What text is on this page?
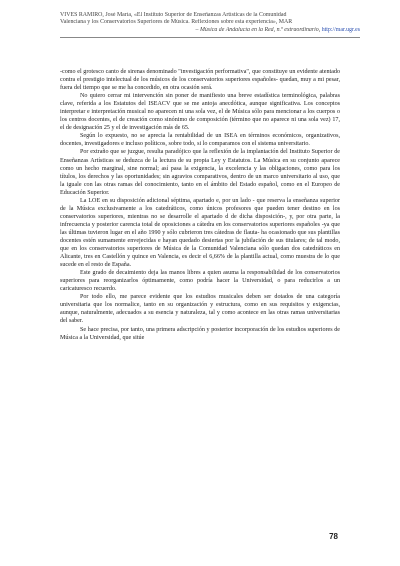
VIVES RAMIRO, José María, «El Instituto Superior de Enseñanzas Artísticas de la Comunidad
Valenciana y los Conservatorios Superiores de Música. Reflexiones sobre esta experiencia», MAR
– Música de Andalucía en la Red, n.º extraordinario, http://mar.ugr.es

-como el grotesco canto de sirenas denominado "investigación performativa", que constituye un evidente atentado contra el prestigio intelectual de los músicos de los conservatorios superiores españoles- quedan, muy a mi pesar, fuera del tiempo que se me ha concedido, en otra ocasión será.

No quiero cerrar mi intervención sin poner de manifiesto una breve estadística terminológica, palabras clave, referida a los Estatutos del ISEACV que se me antoja anecdótica, aunque significativa. Los conceptos interpretar e interpretación musical no aparecen ni una sola vez, el de Música sólo para mencionar a los cuerpos o los centros docentes, el de creación como sinónimo de composición (término que no aparece ni una sola vez) 17, el de designación 25 y el de investigación más de 65.

Según lo expuesto, no se aprecia la rentabilidad de un ISEA en términos económicos, organizativos, docentes, investigadores e incluso políticos, sobre todo, si lo comparamos con el sistema universitario.

Por extraño que se juzgue, resulta paradójico que la reflexión de la implantación del Instituto Superior de Enseñanzas Artísticas se deduzca de la lectura de su propia Ley y Estatutos. La Música en su conjunto aparece como un hecho marginal, sine normal; así pasa la exigencia, la excelencia y las obligaciones, como para los títulos, los derechos y las oportunidades; sin agravios comparativos, dentro de un marco universitario al uso, que la iguale con las otras ramas del conocimiento, tanto en el ámbito del Estado español, como en el Europeo de Educación Superior.

La LOE en su disposición adicional séptima, apartado e, por un lado - que reserva la enseñanza superior de la Música exclusivamente a los catedráticos, como únicos profesores que pueden tener destino en los conservatorios superiores, mientras no se desarrolle el apartado d de dicha disposición-, y, por otra parte, la infrecuencia y posterior carencia total de oposiciones a cátedra en los conservatorios superiores españoles -ya que las últimas tuvieron lugar en el año 1990 y sólo cubrieron tres cátedras de flauta- ha ocasionado que sus plantillas docentes estén sumamente envejecidas e hayan quedado desiertas por la jubilación de sus titulares; de tal modo, que en los conservatorios superiores de Música de la Comunidad Valenciana sólo quedan dos catedráticos en Alicante, tres en Castellón y quince en Valencia, es decir el 6,66% de la plantilla actual, como muestra de lo que sucede en el resto de España.

Este grado de decaimiento deja las manos libres a quien asuma la responsabilidad de los conservatorios superiores para reorganizarlos óptimamente, como podría hacer la Universidad, o para reducirlos a un caricaturesco recuerdo.

Por todo ello, me parece evidente que los estudios musicales deben ser dotados de una categoría universitaria que los normalice, tanto en su organización y estructura, como en sus requisitos y exigencias, aunque, naturalmente, adecuados a su esencia y naturaleza, tal y como acontece en las otras ramas universitarias del saber.

Se hace precisa, por tanto, una primera adscripción y posterior incorporación de los estudios superiores de Música a la Universidad, que sitúe

78
